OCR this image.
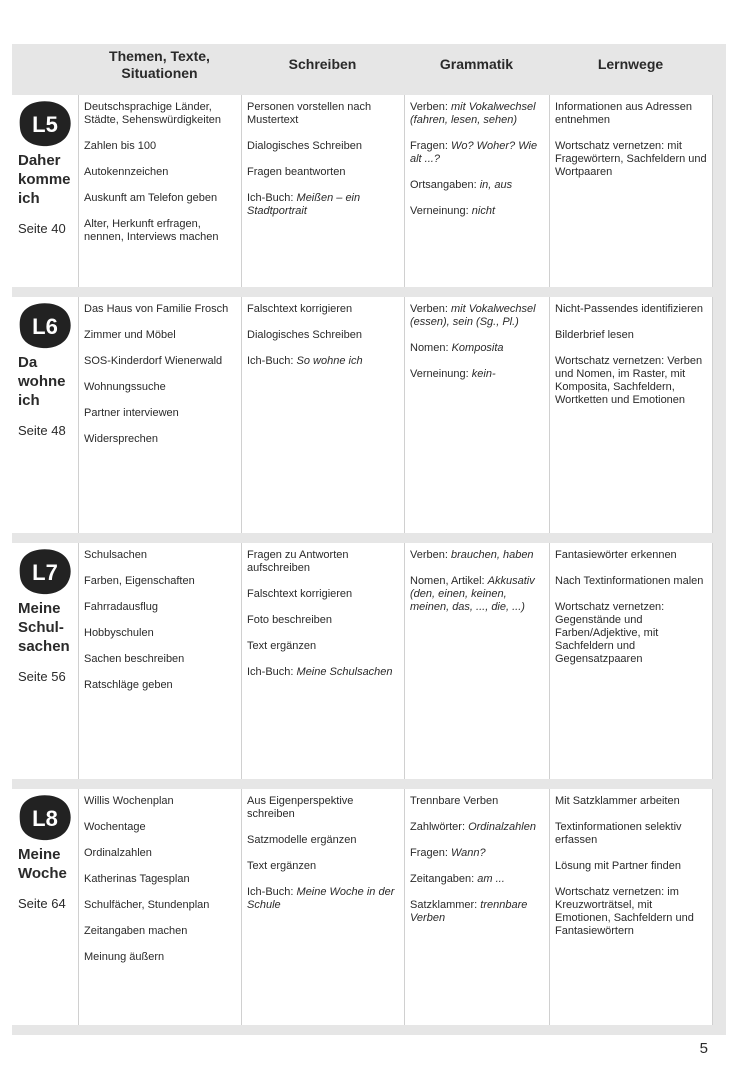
Themen, Texte,
Situationen
Schreiben	Grammatik	Lernwege
L5
Daher
komme
ich
Seite 40
Deutschsprachige Länder, Städte, Sehenswürdigkeiten
Zahlen bis 100
Autokennzeichen
Auskunft am Telefon geben
Alter, Herkunft erfragen, nennen, Interviews machen
Personen vorstellen nach Mustertext
Dialogisches Schreiben
Fragen beantworten
Ich-Buch: Meißen – ein Stadtportrait
Verben: mit Vokalwechsel (fahren, lesen, sehen)
Fragen: Wo? Woher? Wie alt ...?
Ortsangaben: in, aus
Verneinung: nicht
Informationen aus Adressen entnehmen
Wortschatz vernetzen: mit Fragewörtern, Sachfeldern und Wortpaaren
L6
Da
wohne
ich
Seite 48
Das Haus von Familie Frosch
Zimmer und Möbel
SOS-Kinderdorf Wienerwald
Wohnungssuche
Partner interviewen
Widersprechen
Falschtext korrigieren
Dialogisches Schreiben
Ich-Buch: So wohne ich
Verben: mit Vokalwechsel (essen), sein (Sg., Pl.)
Nomen: Komposita
Verneinung: kein-
Nicht-Passendes identifizieren
Bilderbrief lesen
Wortschatz vernetzen: Verben und Nomen, im Raster, mit Komposita, Sachfeldern, Wortketten und Emotionen
L7
Meine
Schul-
sachen
Seite 56
Schulsachen
Farben, Eigenschaften
Fahrradausflug
Hobbyschulen
Sachen beschreiben
Ratschläge geben
Fragen zu Antworten aufschreiben
Falschtext korrigieren
Foto beschreiben
Text ergänzen
Ich-Buch: Meine Schulsachen
Verben: brauchen, haben
Nomen, Artikel: Akkusativ (den, einen, keinen, meinen, das, ..., die, ...)
Fantasiewörter erkennen
Nach Textinformationen malen
Wortschatz vernetzen: Gegenstände und Farben/Adjektive, mit Sachfeldern und Gegensatzpaaren
L8
Meine
Woche
Seite 64
Willis Wochenplan
Wochentage
Ordinalzahlen
Katherinas Tagesplan
Schulfächer, Stundenplan
Zeitangaben machen
Meinung äußern
Aus Eigenperspektive schreiben
Satzmodelle ergänzen
Text ergänzen
Ich-Buch: Meine Woche in der Schule
Trennbare Verben
Zahlwörter: Ordinalzahlen
Fragen: Wann?
Zeitangaben: am ...
Satzklammer: trennbare Verben
Mit Satzklammer arbeiten
Textinformationen selektiv erfassen
Lösung mit Partner finden
Wortschatz vernetzen: im Kreuzworträtsel, mit Emotionen, Sachfeldern und Fantasiewörtern
5
